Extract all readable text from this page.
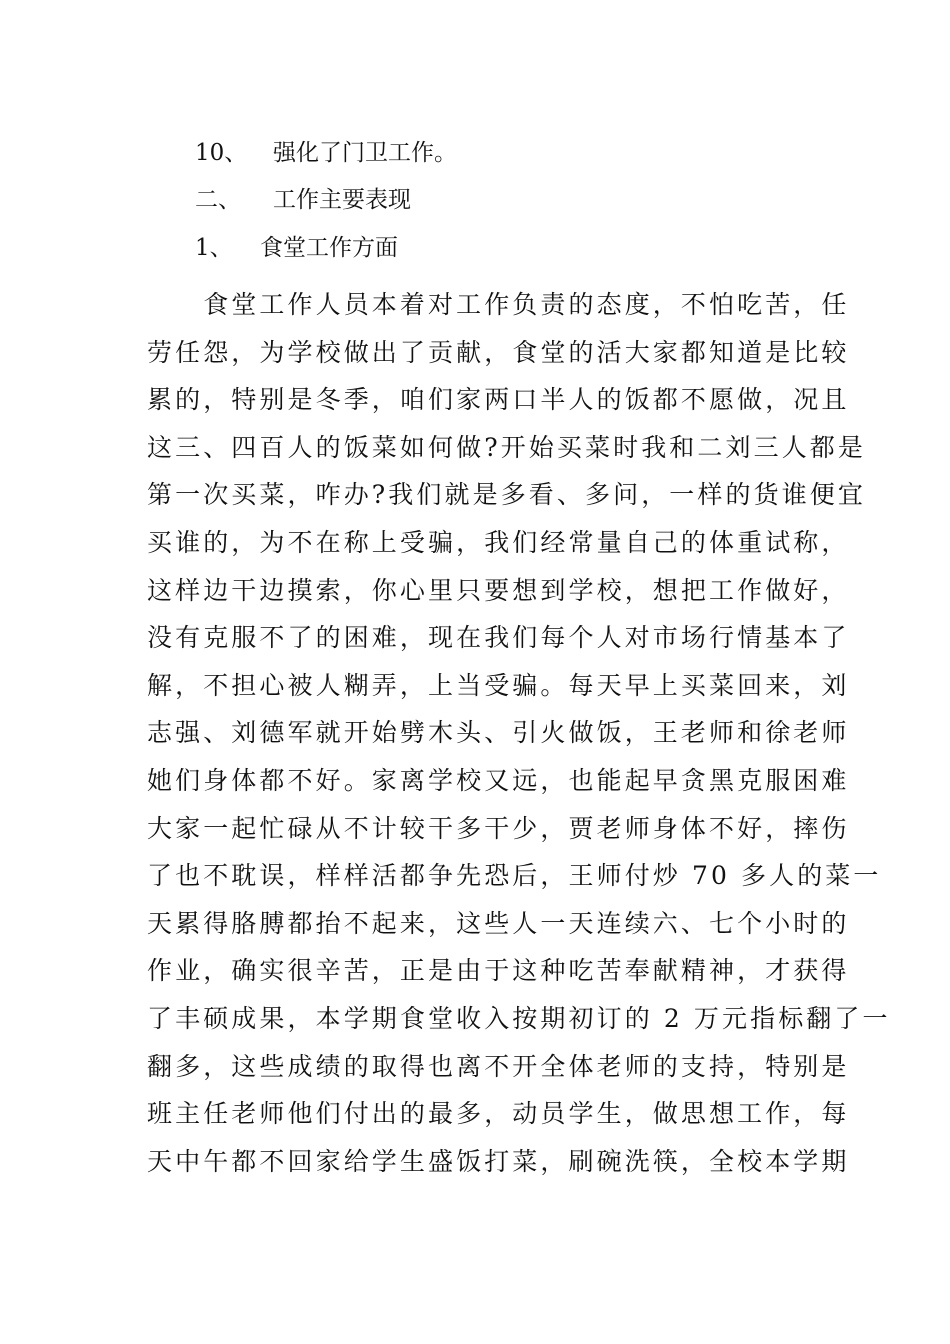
10、 强化了门卫工作。
二、 工作主要表现
1、 食堂工作方面
　　食堂工作人员本着对工作负责的态度，不怕吃苦，任
劳任怨，为学校做出了贡献，食堂的活大家都知道是比较
累的，特别是冬季，咱们家两口半人的饭都不愿做，况且
这三、四百人的饭菜如何做?开始买菜时我和二刘三人都是
第一次买菜，咋办?我们就是多看、多问，一样的货谁便宜
买谁的，为不在称上受骗，我们经常量自己的体重试称，
这样边干边摸索，你心里只要想到学校，想把工作做好，
没有克服不了的困难，现在我们每个人对市场行情基本了
解，不担心被人糊弄，上当受骗。每天早上买菜回来，刘
志强、刘德军就开始劈木头、引火做饭，王老师和徐老师
她们身体都不好。家离学校又远，也能起早贪黑克服困难
大家一起忙碌从不计较干多干少，贾老师身体不好，摔伤
了也不耽误，样样活都争先恐后，王师付炒 70 多人的菜一
天累得胳膊都抬不起来，这些人一天连续六、七个小时的
作业，确实很辛苦，正是由于这种吃苦奉献精神，才获得
了丰硕成果，本学期食堂收入按期初订的 2 万元指标翻了一
翻多，这些成绩的取得也离不开全体老师的支持，特别是
班主任老师他们付出的最多，动员学生，做思想工作，每
天中午都不回家给学生盛饭打菜，刷碗洗筷，全校本学期
